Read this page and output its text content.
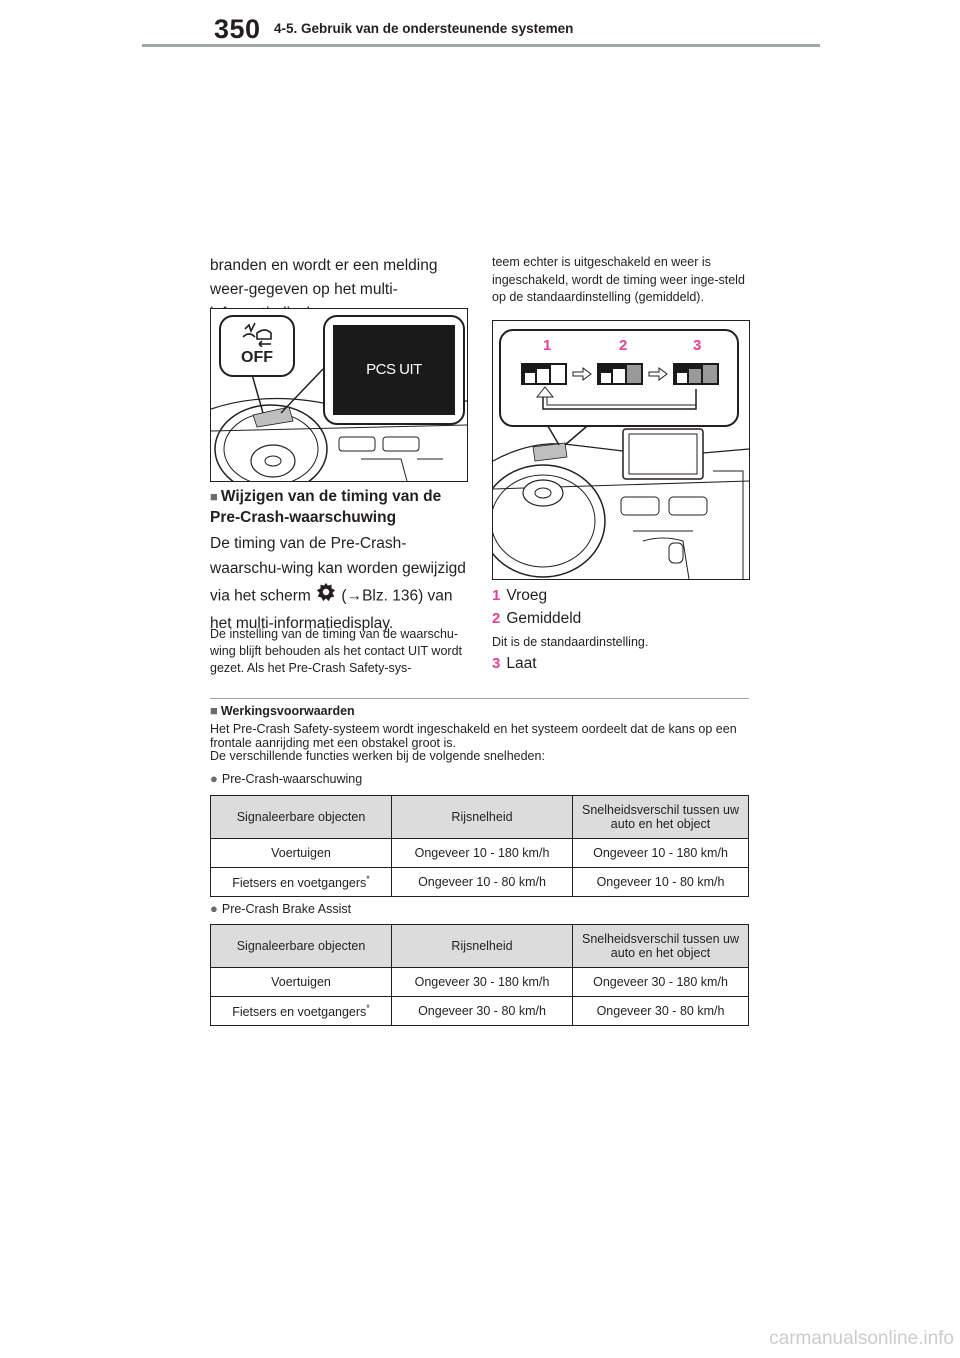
350 4-5. Gebruik van de ondersteunende systemen
branden en wordt er een melding weer-gegeven op het multi-
OFF
PCS UIT
■ Wijzigen van de timing van de Pre-Crash-waarschuwing
De timing van de Pre-Crash-waarschu-wing kan worden gewijzigd via het scherm (→Blz. 136) van het multi-informatiedisplay.
De instelling van de timing van de waarschu-wing blijft behouden als het contact UIT wordt gezet. Als het Pre-Crash Safety-sys-
teem echter is uitgeschakeld en weer is ingeschakeld, wordt de timing weer inge-steld op de standaardinstelling (gemiddeld).
1	2	3
1 Vroeg
2 Gemiddeld
Dit is de standaardinstelling.
3 Laat
■ Werkingsvoorwaarden
Het Pre-Crash Safety-systeem wordt ingeschakeld en het systeem oordeelt dat de kans op een frontale aanrijding met een obstakel groot is.
De verschillende functies werken bij de volgende snelheden:
● Pre-Crash-waarschuwing
Signaleerbare objecten	Rijsnelheid	Snelheidsverschil tussen uw auto en het object
Voertuigen	Ongeveer 10 - 180 km/h	Ongeveer 10 - 180 km/h
Fietsers en voetgangers*	Ongeveer 10 - 80 km/h	Ongeveer 10 - 80 km/h
● Pre-Crash Brake Assist
Signaleerbare objecten	Rijsnelheid	Snelheidsverschil tussen uw auto en het object
Voertuigen	Ongeveer 30 - 180 km/h	Ongeveer 30 - 180 km/h
Fietsers en voetgangers*	Ongeveer 30 - 80 km/h	Ongeveer 30 - 80 km/h
carmanualsonline.info
